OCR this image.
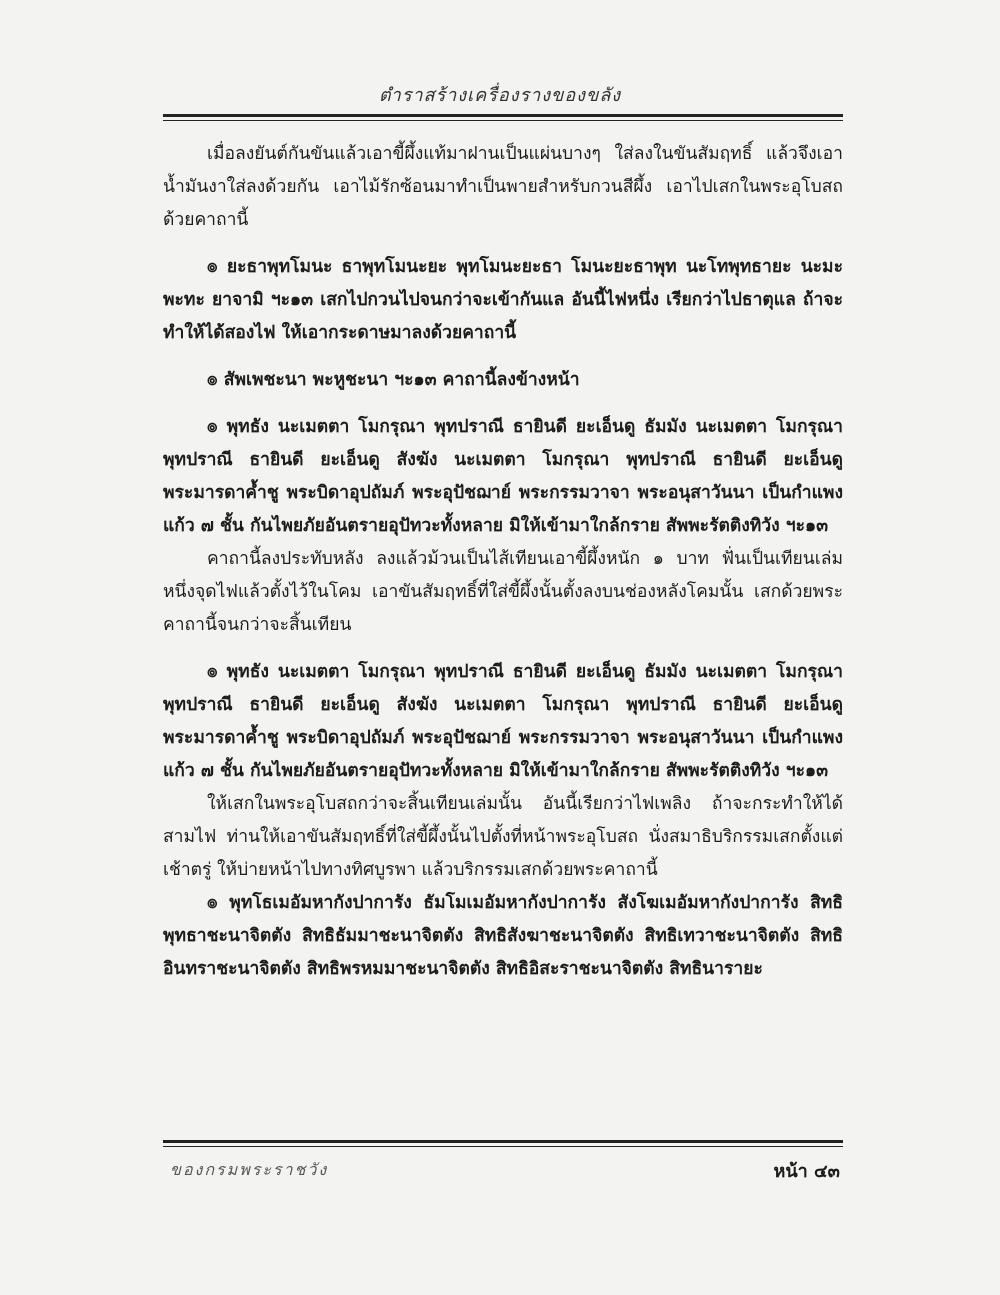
ตำราสร้างเครื่องรางของขลัง

เมื่อลงยันต์กันขันแล้วเอาขี้ผึ้งแท้มาฝานเป็นแผ่นบางๆ ใส่ลงในขันสัมฤทธิ์ แล้วจึงเอาน้ำมันงาใส่ลงด้วยกัน เอาไม้รักซ้อนมาทำเป็นพายสำหรับกวนสีผึ้ง เอาไปเสกในพระอุโบสถด้วยคาถานี้

๏ ยะธาพุทโมนะ ธาพุทโมนะยะ พุทโมนะยะธา โมนะยะธาพุท นะโทพุทธายะ นะมะพะทะ ยาจามิ ฯะ๑๓ เสกไปกวนไปจนกว่าจะเข้ากันแล อันนี้ไฟหนึ่ง เรียกว่าไปธาตุแล ถ้าจะทำให้ได้สองไฟ ให้เอากระดาษมาลงด้วยคาถานี้

๏ สัพเพชะนา พะหูชะนา ฯะ๑๓ คาถานี้ลงข้างหน้า

๏ พุทธัง นะเมตตา โมกรุณา พุทปราณี ธายินดี ยะเอ็นดู ธัมมัง นะเมตตา โมกรุณา พุทปราณี ธายินดี ยะเอ็นดู สังฆัง นะเมตตา โมกรุณา พุทปราณี ธายินดี ยะเอ็นดู พระมารดาค้ำชู พระบิดาอุปถัมภ์ พระอุปัชฌาย์ พระกรรมวาจา พระอนุสาวันนา เป็นกำแพงแก้ว ๗ ชั้น กันไพยภัยอันตรายอุปัทวะทั้งหลาย มิให้เข้ามาใกล้กราย สัพพะรัตติงทิวัง ฯะ๑๓

คาถานี้ลงประทับหลัง ลงแล้วม้วนเป็นไส้เทียนเอาขี้ผึ้งหนัก ๑ บาท ฟั่นเป็นเทียนเล่มหนึ่งจุดไฟแล้วตั้งไว้ในโคม เอาขันสัมฤทธิ์ที่ใส่ขี้ผึ้งนั้นตั้งลงบนช่องหลังโคมนั้น เสกด้วยพระคาถานี้จนกว่าจะสิ้นเทียน

๏ พุทธัง นะเมตตา โมกรุณา พุทปราณี ธายินดี ยะเอ็นดู ธัมมัง นะเมตตา โมกรุณา พุทปราณี ธายินดี ยะเอ็นดู สังฆัง นะเมตตา โมกรุณา พุทปราณี ธายินดี ยะเอ็นดู พระมารดาค้ำชู พระบิดาอุปถัมภ์ พระอุปัชฌาย์ พระกรรมวาจา พระอนุสาวันนา เป็นกำแพงแก้ว ๗ ชั้น กันไพยภัยอันตรายอุปัทวะทั้งหลาย มิให้เข้ามาใกล้กราย สัพพะรัตติงทิวัง ฯะ๑๓

ให้เสกในพระอุโบสถกว่าจะสิ้นเทียนเล่มนั้น อันนี้เรียกว่าไฟเพลิง ถ้าจะกระทำให้ได้สามไฟ ท่านให้เอาขันสัมฤทธิ์ที่ใส่ขี้ผึ้งนั้นไปตั้งที่หน้าพระอุโบสถ นั่งสมาธิบริกรรมเสกตั้งแต่เช้าตรู่ ให้บ่ายหน้าไปทางทิศบูรพา แล้วบริกรรมเสกด้วยพระคาถานี้

๏ พุทโธเมอัมหากังปาการัง ธัมโมเมอัมหากังปาการัง สังโฆเมอัมหากังปาการัง สิทธิพุทธาชะนาจิตตัง สิทธิธัมมาชะนาจิตตัง สิทธิสังฆาชะนาจิตตัง สิทธิเทวาชะนาจิตตัง สิทธิอินทราชะนาจิตตัง สิทธิพรหมมาชะนาจิตตัง สิทธิอิสะราชะนาจิตตัง สิทธินารายะ

ของกรมพระราชวัง	หน้า ๔๓
